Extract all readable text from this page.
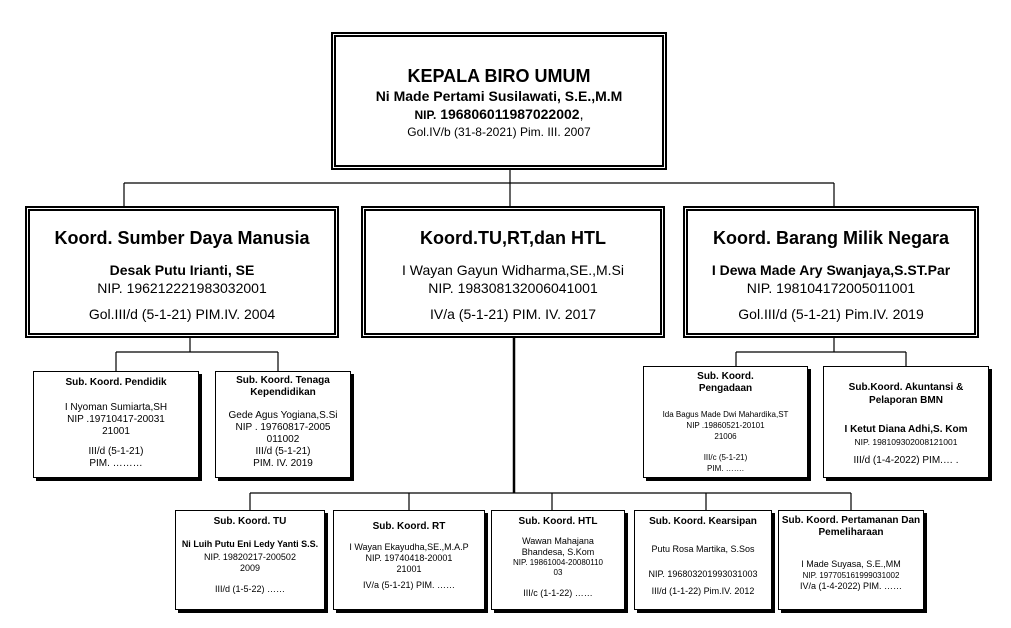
KEPALA BIRO UMUM
Ni Made Pertami Susilawati, S.E.,M.M
NIP. 196806011987022002,
Gol.IV/b (31-8-2021) Pim. III. 2007
Koord. Sumber Daya Manusia
Desak Putu Irianti, SE
NIP. 196212221983032001
Gol.III/d (5-1-21) PIM.IV. 2004
Koord.TU,RT,dan HTL
I Wayan Gayun Widharma,SE.,M.Si
NIP. 198308132006041001
IV/a (5-1-21) PIM. IV. 2017
Koord. Barang Milik Negara
I Dewa Made Ary Swanjaya,S.ST.Par
NIP. 198104172005011001
Gol.III/d (5-1-21) Pim.IV. 2019
Sub. Koord. Pendidik
I Nyoman Sumiarta,SH
NIP .19710417-2003121001
III/d (5-1-21)
PIM. ………
Sub. Koord. Tenaga Kependidikan
Gede Agus Yogiana,S.Si
NIP . 19760817-2005011002
III/d (5-1-21)
PIM. IV. 2019
Sub. Koord. Pengadaan
Ida Bagus Made Dwi Mahardika,ST
NIP .19860521-2010121006
III/c (5-1-21)
PIM. …….
Sub.Koord. Akuntansi & Pelaporan BMN
I Ketut Diana Adhi,S. Kom
NIP. 198109302008121001
III/d (1-4-2022) PIM.… .
Sub. Koord. TU
Ni Luih Putu Eni Ledy Yanti S.S.
NIP. 19820217-2005022009
III/d (1-5-22) ……
Sub. Koord. RT
I Wayan Ekayudha,SE.,M.A.P
NIP. 19740418-2000121001
IV/a (5-1-21) PIM. ……
Sub. Koord. HTL
Wawan Mahajana Bhandesa, S.Kom
NIP. 19861004-2008011003
III/c (1-1-22) ……
Sub. Koord. Kearsipan
Putu Rosa Martika, S.Sos
NIP. 196803201993031003
III/d (1-1-22) Pim.IV. 2012
Sub. Koord. Pertamanan Dan Pemeliharaan
I Made Suyasa, S.E.,MM
NIP. 197705161999031002
IV/a (1-4-2022) PIM. ……
